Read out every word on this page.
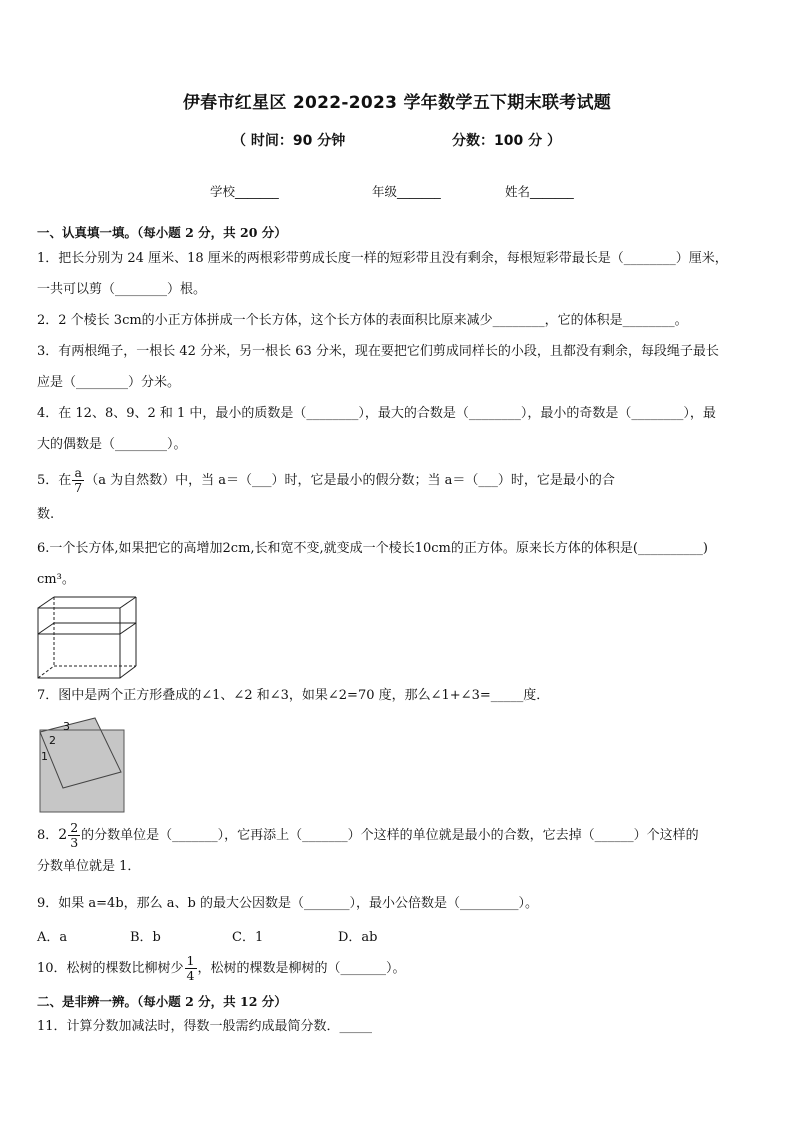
伊春市红星区 2022-2023 学年数学五下期末联考试题
（ 时间：90 分钟	分数：100 分 ）
学校_______	年级_______	姓名_______
一、认真填一填。（每小题 2 分，共 20 分）
1．把长分别为 24 厘米、18 厘米的两根彩带剪成长度一样的短彩带且没有剩余，每根短彩带最长是（________）厘米，
一共可以剪（________）根。
2．2 个棱长 3cm的小正方体拼成一个长方体，这个长方体的表面积比原来减少________，它的体积是________。
3．有两根绳子，一根长 42 分米，另一根长 63 分米，现在要把它们剪成同样长的小段，且都没有剩余，每段绳子最长
应是（________）分米。
4．在 12、8、9、2 和 1 中，最小的质数是（________），最大的合数是（________），最小的奇数是（________），最
大的偶数是（________）。
5．在 $\frac{a}{7} (a$ 为自然数）中，当 a＝（___）时，它是最小的假分数；当 a＝（___）时，它是最小的合
数.
6.一个长方体,如果把它的高增加2cm,长和宽不变,就变成一个棱长10cm的正方体。原来长方体的体积是(__________)
cm³。
7．图中是两个正方形叠成的∠1、∠2 和∠3，如果∠2=70 度，那么∠1+∠3=_____度．
3
2
1
8．$2 \frac{2}{3}$ 的分数单位是（_______），它再添上（_______）个这样的单位就是最小的合数，它去掉（______）个这样的
分数单位就是 1．
9．如果 a=4b，那么 a、b 的最大公因数是（_______），最小公倍数是（_________）。
A．a	B．b	C．1	D．ab
10．松树的棵数比柳树少 $\frac{1}{4}$ ，松树的棵数是柳树的（_______）。
二、是非辨一辨。（每小题 2 分，共 12 分）
11．计算分数加减法时，得数一般需约成最简分数．_____
